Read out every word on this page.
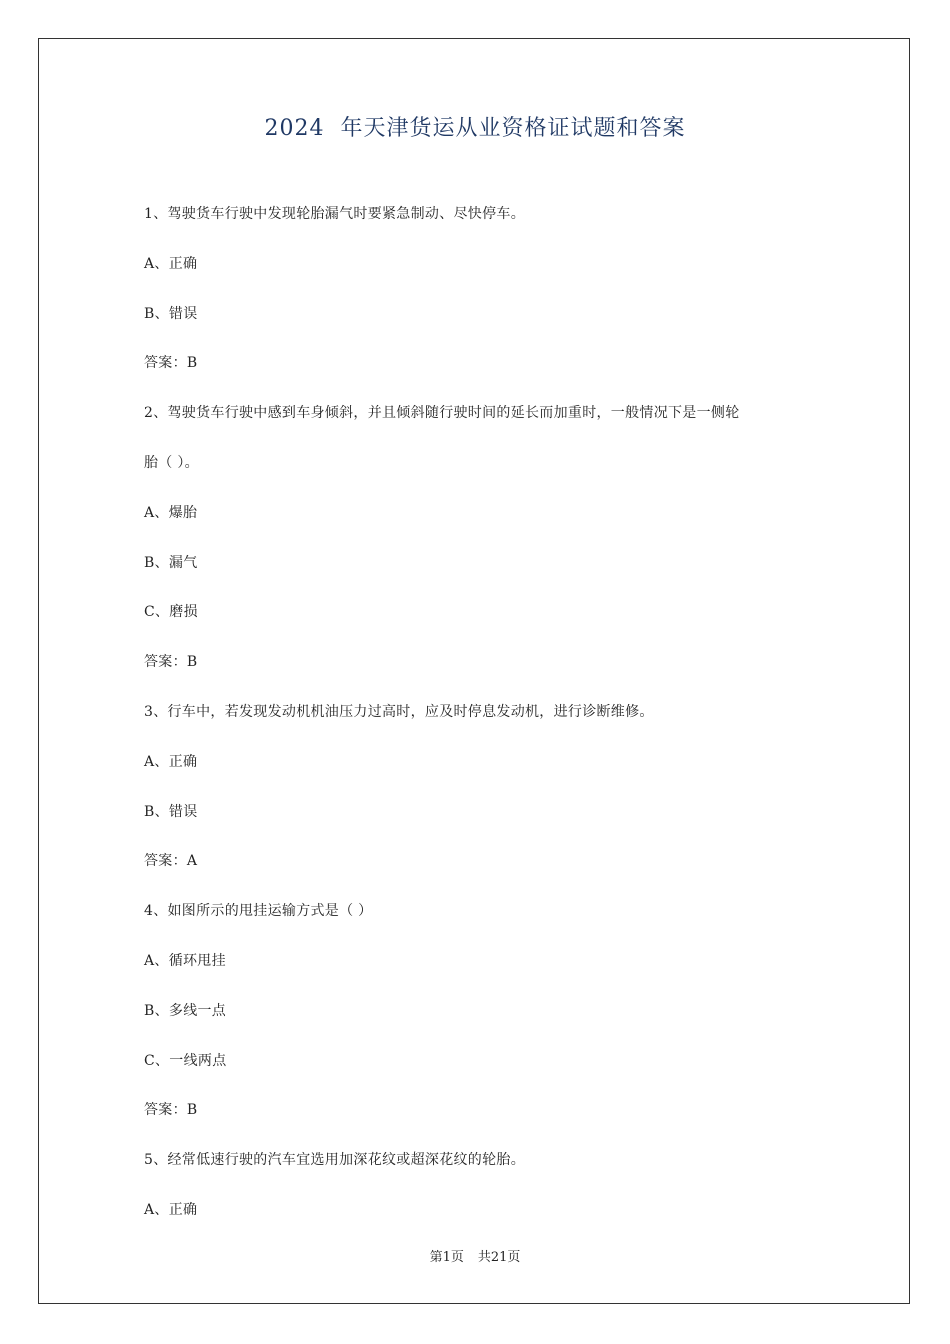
2024  年天津货运从业资格证试题和答案
1、驾驶货车行驶中发现轮胎漏气时要紧急制动、尽快停车。
A、正确
B、错误
答案：B
2、驾驶货车行驶中感到车身倾斜，并且倾斜随行驶时间的延长而加重时，一般情况下是一侧轮
胎（ ）。
A、爆胎
B、漏气
C、磨损
答案：B
3、行车中，若发现发动机机油压力过高时，应及时停息发动机，进行诊断维修。
A、正确
B、错误
答案：A
4、如图所示的甩挂运输方式是（ ）
A、循环甩挂
B、多线一点
C、一线两点
答案：B
5、经常低速行驶的汽车宜选用加深花纹或超深花纹的轮胎。
A、正确
第1页 共21页
